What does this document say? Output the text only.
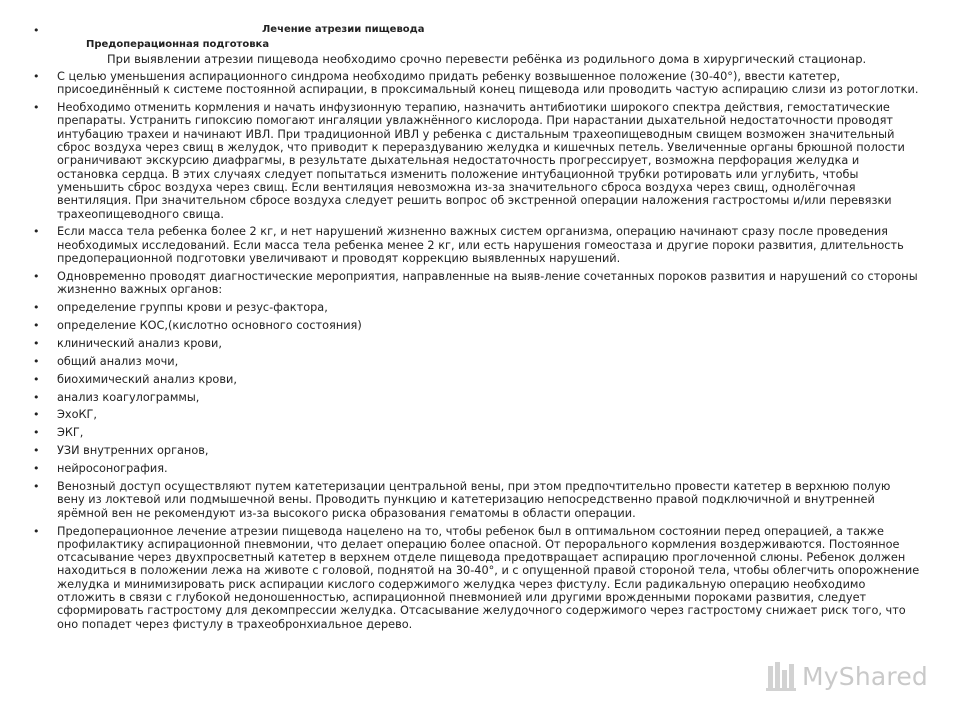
•	Лечение атрезии пищевода
Предоперационная подготовка
При выявлении атрезии пищевода необходимо срочно перевести ребёнка из родильного дома в хирургический стационар.
• С целью уменьшения аспирационного синдрома необходимо придать ребенку возвышенное положение (30-40°), ввести катетер, присоединённый к системе постоянной аспирации, в проксимальный конец пищевода или проводить частую аспирацию слизи из ротоглотки.
• Необходимо отменить кормления и начать инфузионную терапию, назначить антибиотики широкого спектра действия, гемостатические препараты. Устранить гипоксию помогают ингаляции увлажнённого кислорода. При нарастании дыхательной недостаточности проводят интубацию трахеи и начинают ИВЛ. При традиционной ИВЛ у ребенка с дистальным трахеопищеводным свищем возможен значительный сброс воздуха через свищ в желудок, что приводит к перераздуванию желудка и кишечных петель. Увеличенные органы брюшной полости ограничивают экскурсию диафрагмы, в результате дыхательная недостаточность прогрессирует, возможна перфорация желудка и остановка сердца. В этих случаях следует попытаться изменить положение интубационной трубки ротировать или углубить, чтобы уменьшить сброс воздуха через свищ. Если вентиляция невозможна из-за значительного сброса воздуха через свищ, однолёгочная вентиляция. При значительном сбросе воздуха следует решить вопрос об экстренной операции наложения гастростомы и/или перевязки трахеопищеводного свища.
• Если масса тела ребенка более 2 кг, и нет нарушений жизненно важных систем организма, операцию начинают сразу после проведения необходимых исследований. Если масса тела ребенка менее 2 кг, или есть нарушения гомеостаза и другие пороки развития, длительность предоперационной подготовки увеличивают и проводят коррекцию выявленных нарушений.
• Одновременно проводят диагностические мероприятия, направленные на выяв-ление сочетанных пороков развития и нарушений со стороны жизненно важных органов:
• определение группы крови и резус-фактора,
• определение КОС,(кислотно основного состояния)
• клинический анализ крови,
• общий анализ мочи,
• биохимический анализ крови,
• анализ коагулограммы,
• ЭхоКГ,
• ЭКГ,
• УЗИ внутренних органов,
• нейросонография.
• Венозный доступ осуществляют путем катетеризации центральной вены, при этом предпочтительно провести катетер в верхнюю полую вену из локтевой или подмышечной вены. Проводить пункцию и катетеризацию непосредственно правой подключичной и внутренней ярёмной вен не рекомендуют из-за высокого риска образования гематомы в области операции.
• Предоперационное лечение атрезии пищевода нацелено на то, чтобы ребенок был в оптимальном состоянии перед операцией, а также профилактику аспирационной пневмонии, что делает операцию более опасной. От перорального кормления воздерживаются. Постоянное отсасывание через двухпросветный катетер в верхнем отделе пищевода предотвращает аспирацию проглоченной слюны. Ребенок должен находиться в положении лежа на животе с головой, поднятой на 30-40°, и с опущенной правой стороной тела, чтобы облегчить опорожнение желудка и минимизировать риск аспирации кислого содержимого желудка через фистулу. Если радикальную операцию необходимо отложить в связи с глубокой недоношенностью, аспирационной пневмонией или другими врожденными пороками развития, следует сформировать гастростому для декомпрессии желудка. Отсасывание желудочного содержимого через гастростому снижает риск того, что оно попадет через фистулу в трахеобронхиальное дерево.
MyShared
